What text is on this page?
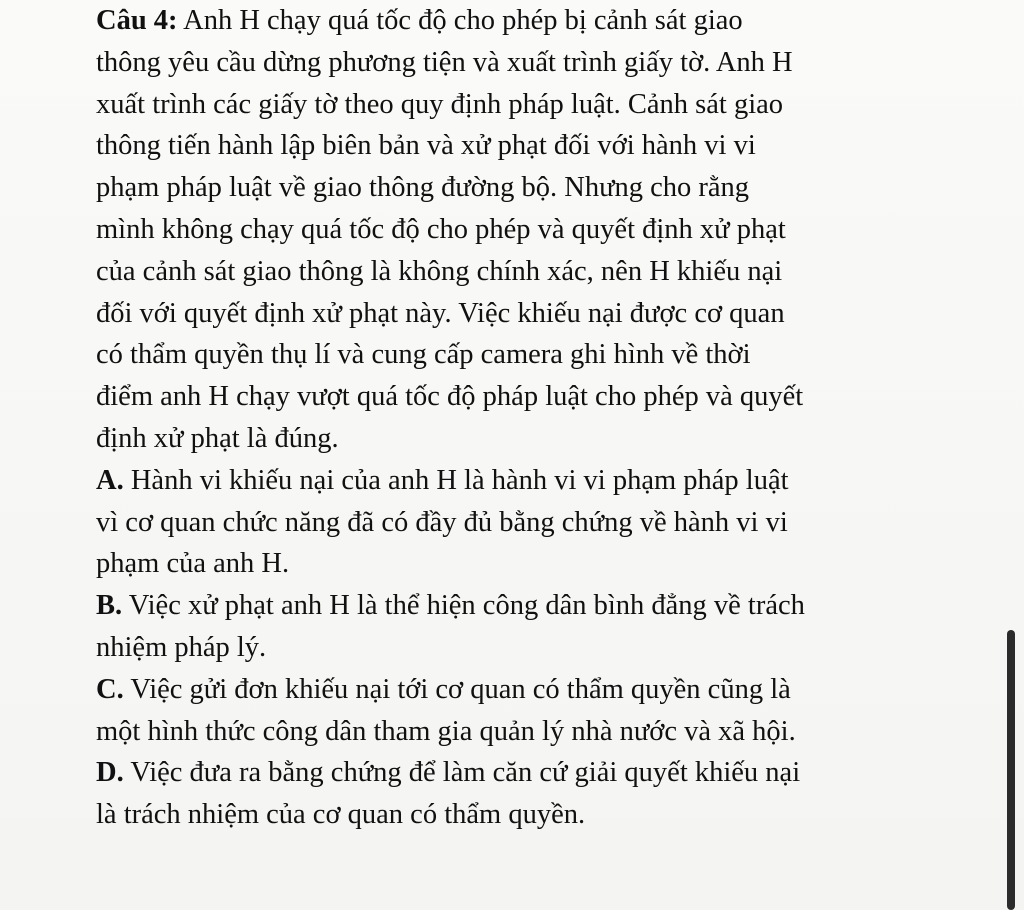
Câu 4: Anh H chạy quá tốc độ cho phép bị cảnh sát giao
thông yêu cầu dừng phương tiện và xuất trình giấy tờ. Anh H
xuất trình các giấy tờ theo quy định pháp luật. Cảnh sát giao
thông tiến hành lập biên bản và xử phạt đối với hành vi vi
phạm pháp luật về giao thông đường bộ. Nhưng cho rằng
mình không chạy quá tốc độ cho phép và quyết định xử phạt
của cảnh sát giao thông là không chính xác, nên H khiếu nại
đối với quyết định xử phạt này. Việc khiếu nại được cơ quan
có thẩm quyền thụ lí và cung cấp camera ghi hình về thời
điểm anh H chạy vượt quá tốc độ pháp luật cho phép và quyết
định xử phạt là đúng.
A. Hành vi khiếu nại của anh H là hành vi vi phạm pháp luật
vì cơ quan chức năng đã có đầy đủ bằng chứng về hành vi vi
phạm của anh H.
B. Việc xử phạt anh H là thể hiện công dân bình đẳng về trách
nhiệm pháp lý.
C. Việc gửi đơn khiếu nại tới cơ quan có thẩm quyền cũng là
một hình thức công dân tham gia quản lý nhà nước và xã hội.
D. Việc đưa ra bằng chứng để làm căn cứ giải quyết khiếu nại
là trách nhiệm của cơ quan có thẩm quyền.
